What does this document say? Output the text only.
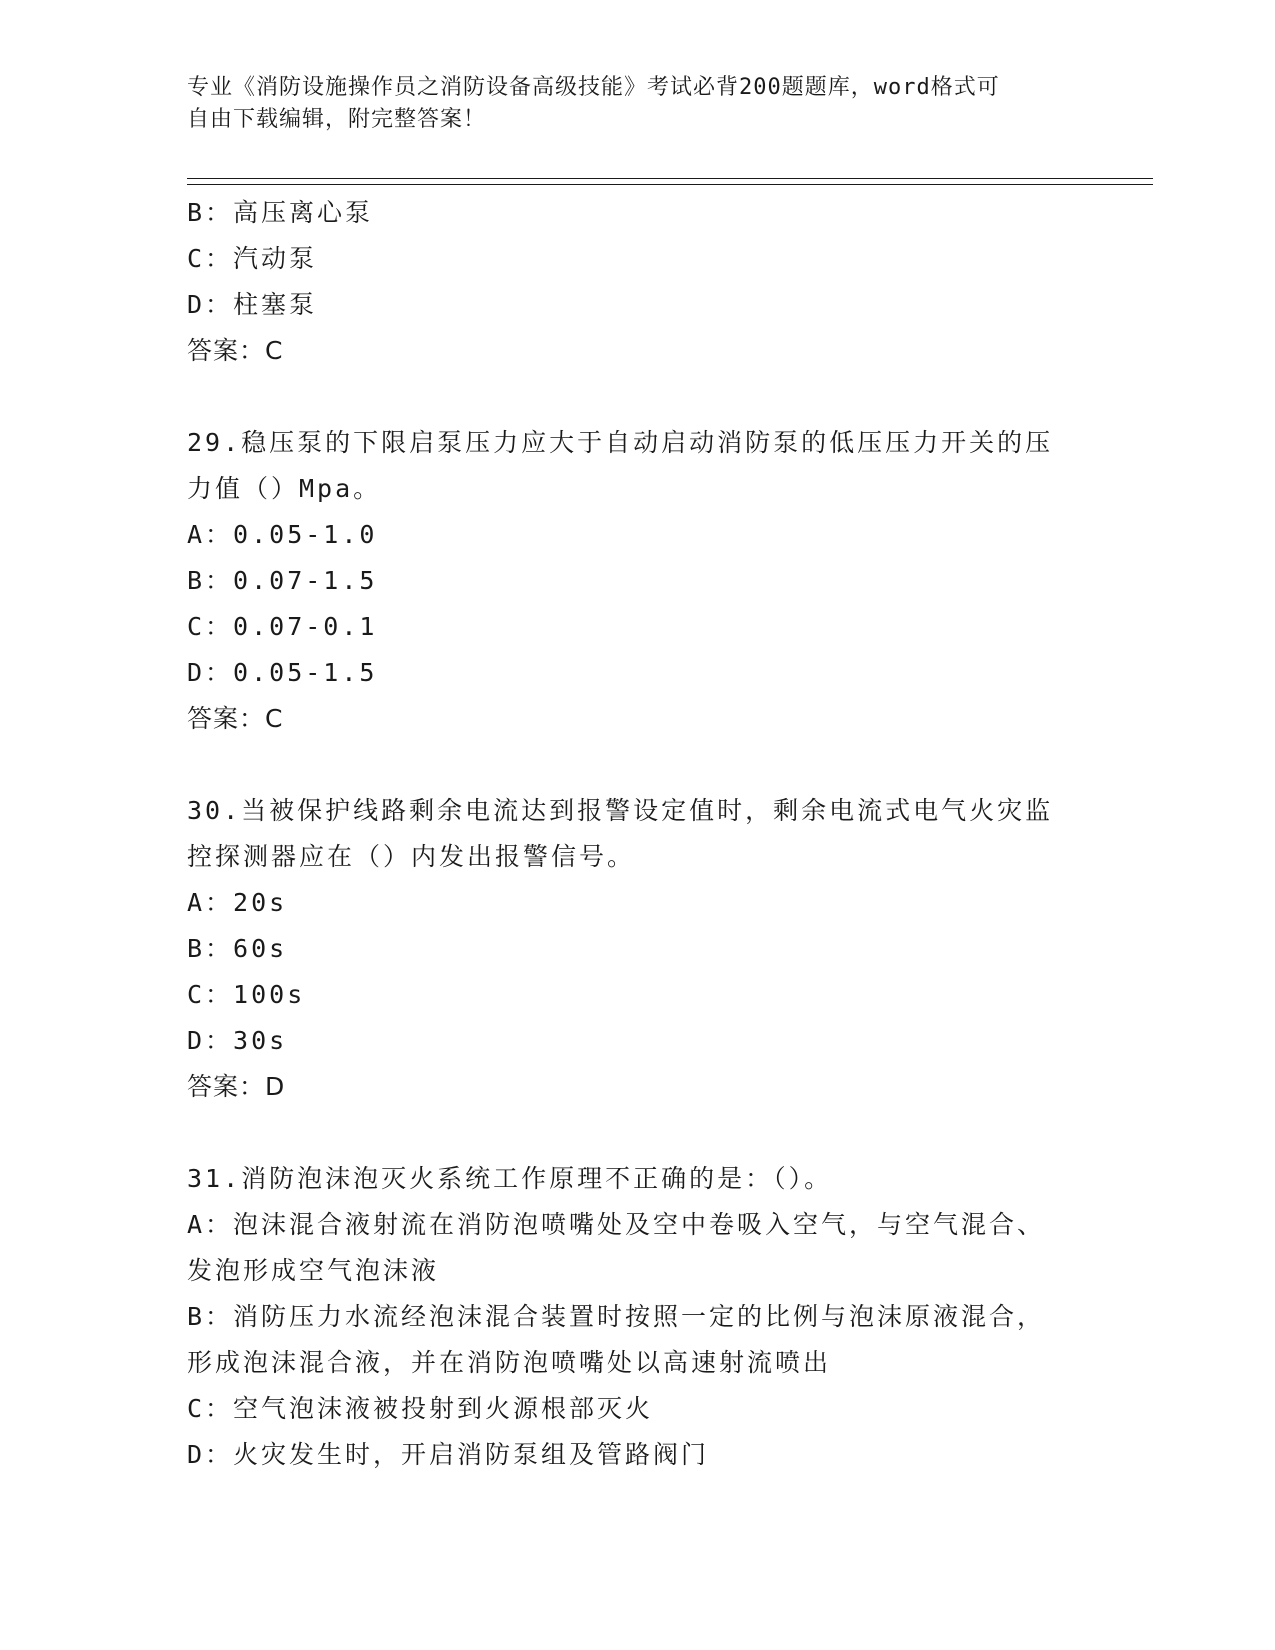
专业《消防设施操作员之消防设备高级技能》考试必背200题题库，word格式可
自由下载编辑，附完整答案！
B：高压离心泵
C：汽动泵
D：柱塞泵
答案：C
29.稳压泵的下限启泵压力应大于自动启动消防泵的低压压力开关的压
力值（）Mpa。
A：0.05-1.0
B：0.07-1.5
C：0.07-0.1
D：0.05-1.5
答案：C
30.当被保护线路剩余电流达到报警设定值时，剩余电流式电气火灾监
控探测器应在（）内发出报警信号。
A：20s
B：60s
C：100s
D：30s
答案：D
31.消防泡沫泡灭火系统工作原理不正确的是：（）。
A：泡沫混合液射流在消防泡喷嘴处及空中卷吸入空气，与空气混合、
发泡形成空气泡沫液
B：消防压力水流经泡沫混合装置时按照一定的比例与泡沫原液混合，
形成泡沫混合液，并在消防泡喷嘴处以高速射流喷出
C：空气泡沫液被投射到火源根部灭火
D：火灾发生时，开启消防泵组及管路阀门
